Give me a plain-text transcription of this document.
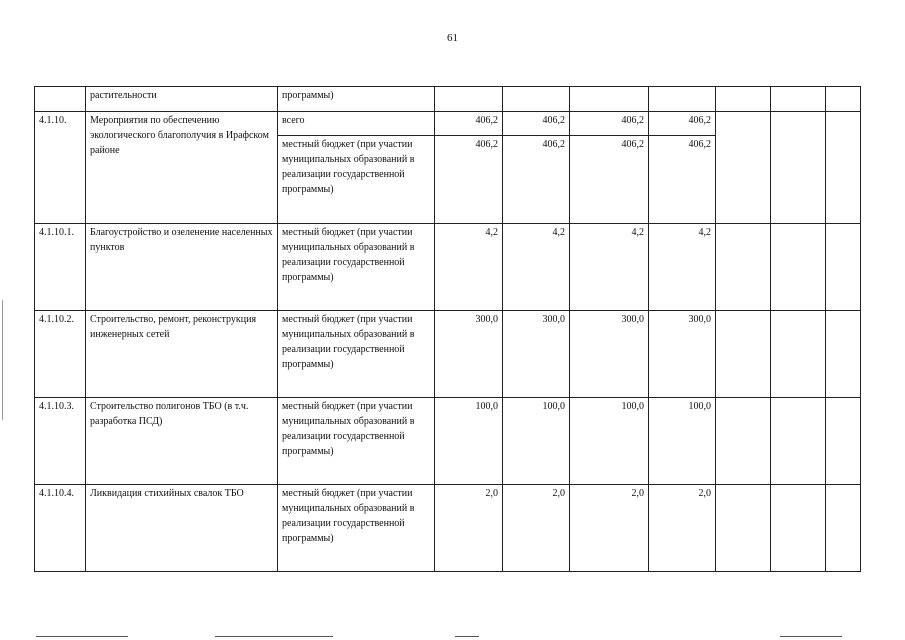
61
	растительности	программы)							
4.1.10.	Мероприятия по обеспечению экологического благополучия в Ирафском районе	всего	406,2	406,2	406,2	406,2			
		местный бюджет (при участии муниципальных образований в реализации государственной программы)	406,2	406,2	406,2	406,2			
4.1.10.1.	Благоустройство и озеленение населенных пунктов	местный бюджет (при участии муниципальных образований в реализации государственной программы)	4,2	4,2	4,2	4,2			
4.1.10.2.	Строительство, ремонт, реконструкция инженерных сетей	местный бюджет (при участии муниципальных образований в реализации государственной программы)	300,0	300,0	300,0	300,0			
4.1.10.3.	Строительство полигонов ТБО (в т.ч. разработка ПСД)	местный бюджет (при участии муниципальных образований в реализации государственной программы)	100,0	100,0	100,0	100,0			
4.1.10.4.	Ликвидация стихийных свалок ТБО	местный бюджет (при участии муниципальных образований в реализации государственной программы)	2,0	2,0	2,0	2,0			
